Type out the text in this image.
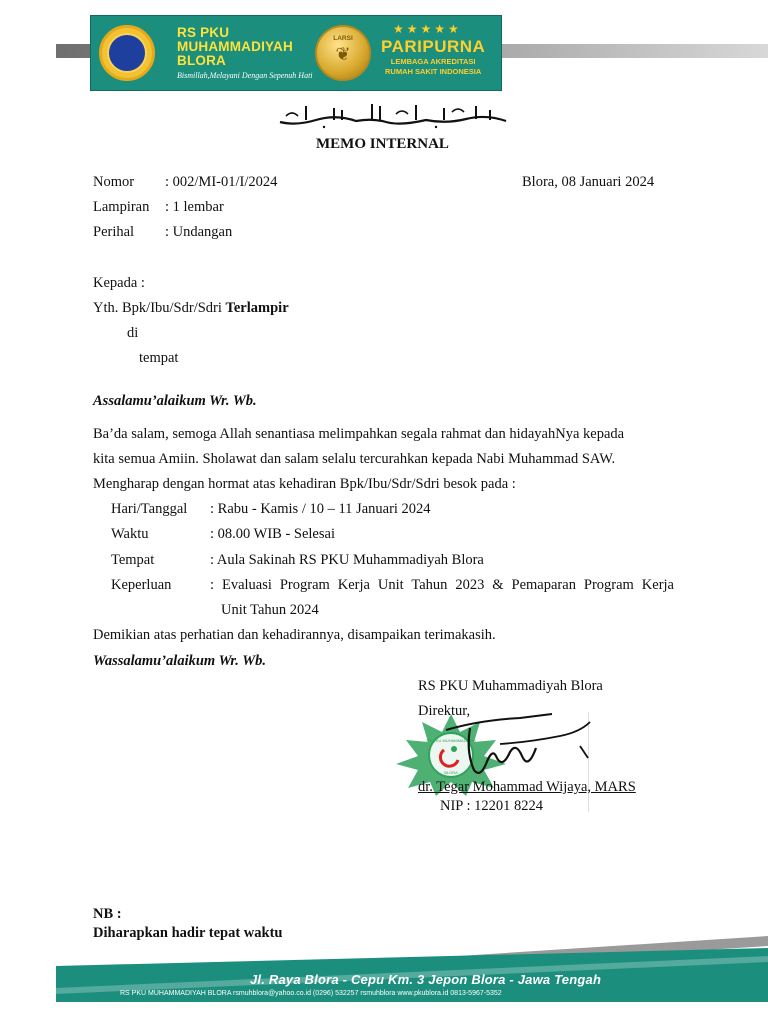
RS PKU
MUHAMMADIYAH
BLORA
Bismillah,Melayani Dengan Sepenuh Hati
LARSI
❦
★★★★★
PARIPURNA
LEMBAGA AKREDITASI
RUMAH SAKIT INDONESIA
MEMO INTERNAL
Nomor : 002/MI-01/I/2024	Blora, 08 Januari 2024
Lampiran : 1 lembar
Perihal : Undangan
Kepada :
Yth. Bpk/Ibu/Sdr/Sdri Terlampir
di
tempat
Assalamu’alaikum Wr. Wb.
Ba’da salam, semoga Allah senantiasa melimpahkan segala rahmat dan hidayahNya kepada
kita semua Amiin. Sholawat dan salam selalu tercurahkan kepada Nabi Muhammad SAW.
Mengharap dengan hormat atas kehadiran Bpk/Ibu/Sdr/Sdri besok pada :
Hari/Tanggal : Rabu - Kamis / 10 – 11 Januari 2024
Waktu	: 08.00 WIB - Selesai
Tempat	: Aula Sakinah RS PKU Muhammadiyah Blora
Keperluan	: Evaluasi Program Kerja Unit Tahun 2023 & Pemaparan Program Kerja
Unit Tahun 2024
Demikian atas perhatian dan kehadirannya, disampaikan terimakasih.
Wassalamu’alaikum Wr. Wb.
RS PKU Muhammadiyah Blora
Direktur,
RS PKU MUHAMMADIYAH
BLORA
dr. Tegar Mohammad Wijaya, MARS
NIP : 12201 8224
NB :
Diharapkan hadir tepat waktu
Jl. Raya Blora - Cepu Km. 3 Jepon Blora - Jawa Tengah
RS PKU MUHAMMADIYAH BLORA rsmuhblora@yahoo.co.id (0296) 532257 rsmuhblora www.pkublora.id 0813-5967-5352
